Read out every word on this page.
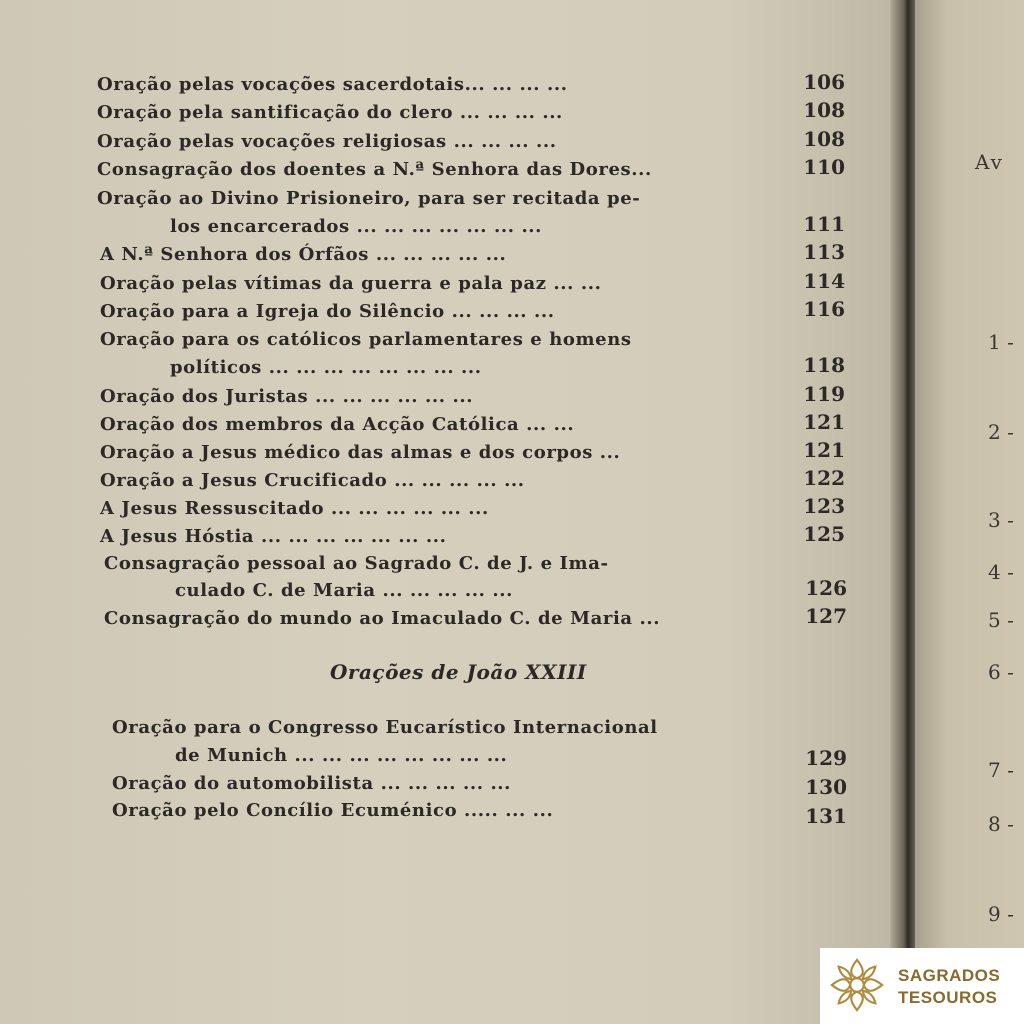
Oração pelas vocações sacerdotais... ... ... ...	106
Oração pela santificação do clero ... ... ... ...	108
Oração pelas vocações religiosas ... ... ... ...	108
Consagração dos doentes a N.ª Senhora das Dores...	110
Oração ao Divino Prisioneiro, para ser recitada pe-
los encarcerados ... ... ... ... ... ... ...	111
A N.ª Senhora dos Órfãos ... ... ... ... ...	113
Oração pelas vítimas da guerra e pala paz ... ...	114
Oração para a Igreja do Silêncio ... ... ... ...	116
Oração para os católicos parlamentares e homens
políticos ... ... ... ... ... ... ... ...	118
Oração dos Juristas ... ... ... ... ... ...	119
Oração dos membros da Acção Católica ... ...	121
Oração a Jesus médico das almas e dos corpos ...	121
Oração a Jesus Crucificado ... ... ... ... ...	122
A Jesus Ressuscitado ... ... ... ... ... ...	123
A Jesus Hóstia ... ... ... ... ... ... ...	125
Consagração pessoal ao Sagrado C. de J. e Ima-
culado C. de Maria ... ... ... ... ...	126
Consagração do mundo ao Imaculado C. de Maria ...	127
Orações de João XXIII
Oração para o Congresso Eucarístico Internacional
de Munich ... ... ... ... ... ... ... ...	129
Oração do automobilista ... ... ... ... ...	130
Oração pelo Concílio Ecuménico ..... ... ...	131
Av
1 -
2 -
3 -
4 -
5 -
6 -
7 -
8 -
9 -
SAGRADOS
TESOUROS
